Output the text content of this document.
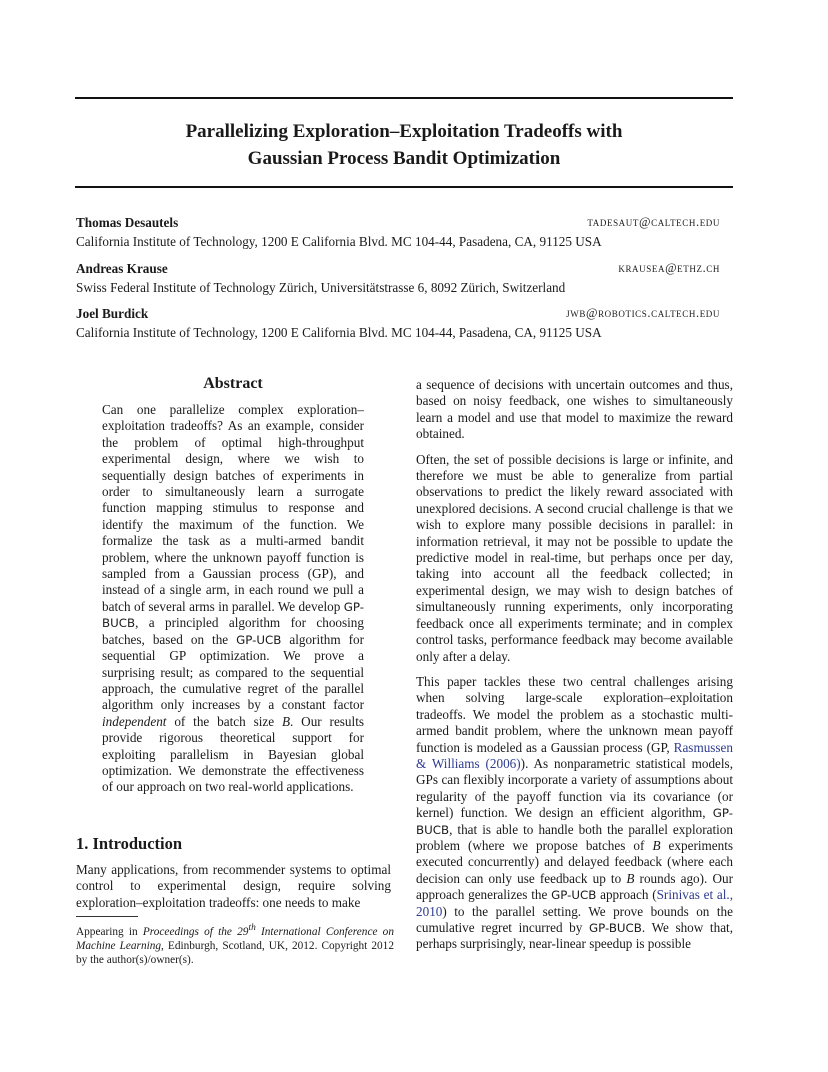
Parallelizing Exploration–Exploitation Tradeoffs with
Gaussian Process Bandit Optimization
Thomas Desautels	tadesaut@caltech.edu
California Institute of Technology, 1200 E California Blvd. MC 104-44, Pasadena, CA, 91125 USA
Andreas Krause	krausea@ethz.ch
Swiss Federal Institute of Technology Zürich, Universitätstrasse 6, 8092 Zürich, Switzerland
Joel Burdick	jwb@robotics.caltech.edu
California Institute of Technology, 1200 E California Blvd. MC 104-44, Pasadena, CA, 91125 USA
Abstract
Can one parallelize complex exploration–exploitation tradeoffs? As an example, consider the problem of optimal high-throughput experimental design, where we wish to sequentially design batches of experiments in order to simultaneously learn a surrogate function mapping stimulus to response and identify the maximum of the function. We formalize the task as a multi-armed bandit problem, where the unknown payoff function is sampled from a Gaussian process (GP), and instead of a single arm, in each round we pull a batch of several arms in parallel. We develop GP-BUCB, a principled algorithm for choosing batches, based on the GP-UCB algorithm for sequential GP optimization. We prove a surprising result; as compared to the sequential approach, the cumulative regret of the parallel algorithm only increases by a constant factor independent of the batch size B. Our results provide rigorous theoretical support for exploiting parallelism in Bayesian global optimization. We demonstrate the effectiveness of our approach on two real-world applications.
1. Introduction
Many applications, from recommender systems to optimal control to experimental design, require solving exploration–exploitation tradeoffs: one needs to make
Appearing in Proceedings of the 29th International Conference on Machine Learning, Edinburgh, Scotland, UK, 2012. Copyright 2012 by the author(s)/owner(s).

a sequence of decisions with uncertain outcomes and thus, based on noisy feedback, one wishes to simultaneously learn a model and use that model to maximize the reward obtained.

Often, the set of possible decisions is large or infinite, and therefore we must be able to generalize from partial observations to predict the likely reward associated with unexplored decisions. A second crucial challenge is that we wish to explore many possible decisions in parallel: in information retrieval, it may not be possible to update the predictive model in real-time, but perhaps once per day, taking into account all the feedback collected; in experimental design, we may wish to design batches of simultaneously running experiments, only incorporating feedback once all experiments terminate; and in complex control tasks, performance feedback may become available only after a delay.

This paper tackles these two central challenges arising when solving large-scale exploration–exploitation tradeoffs. We model the problem as a stochastic multi-armed bandit problem, where the unknown mean payoff function is modeled as a Gaussian process (GP, Rasmussen & Williams (2006)). As nonparametric statistical models, GPs can flexibly incorporate a variety of assumptions about regularity of the payoff function via its covariance (or kernel) function. We design an efficient algorithm, GP-BUCB, that is able to handle both the parallel exploration problem (where we propose batches of B experiments executed concurrently) and delayed feedback (where each decision can only use feedback up to B rounds ago). Our approach generalizes the GP-UCB approach (Srinivas et al., 2010) to the parallel setting. We prove bounds on the cumulative regret incurred by GP-BUCB. We show that, perhaps surprisingly, near-linear speedup is possible
